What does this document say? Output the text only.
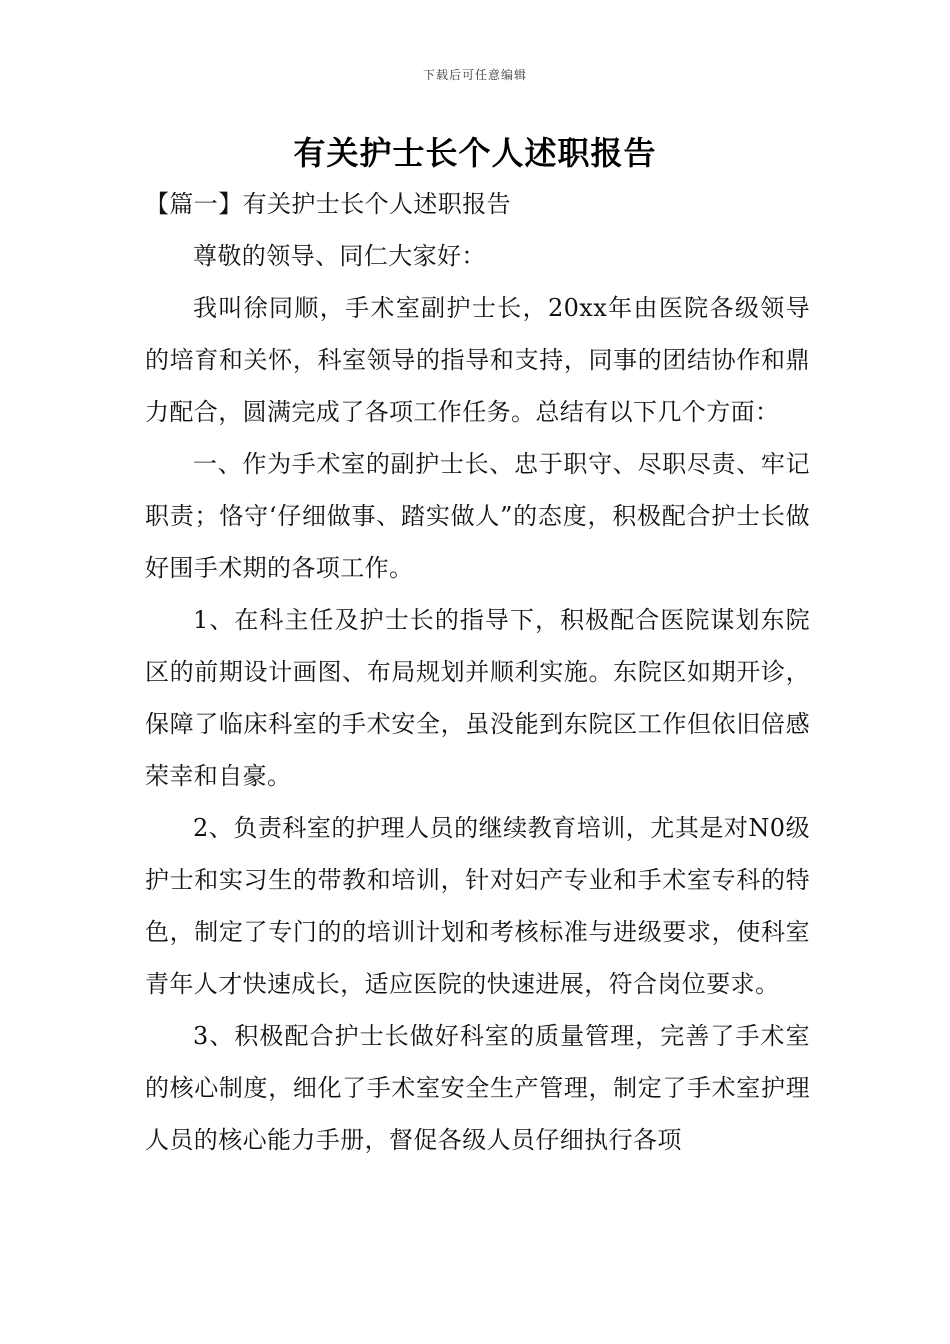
下载后可任意编辑
有关护士长个人述职报告

【篇一】有关护士长个人述职报告

尊敬的领导、同仁大家好：

我叫徐同顺，手术室副护士长，20xx年由医院各级领导的培育和关怀，科室领导的指导和支持，同事的团结协作和鼎力配合，圆满完成了各项工作任务。总结有以下几个方面：

一、作为手术室的副护士长、忠于职守、尽职尽责、牢记职责；恪守‘仔细做事、踏实做人”的态度，积极配合护士长做好围手术期的各项工作。

1、在科主任及护士长的指导下，积极配合医院谋划东院区的前期设计画图、布局规划并顺利实施。东院区如期开诊，保障了临床科室的手术安全，虽没能到东院区工作但依旧倍感荣幸和自豪。

2、负责科室的护理人员的继续教育培训，尤其是对N0级护士和实习生的带教和培训，针对妇产专业和手术室专科的特色，制定了专门的的培训计划和考核标准与进级要求，使科室青年人才快速成长，适应医院的快速进展，符合岗位要求。

3、积极配合护士长做好科室的质量管理，完善了手术室的核心制度，细化了手术室安全生产管理，制定了手术室护理人员的核心能力手册，督促各级人员仔细执行各项
